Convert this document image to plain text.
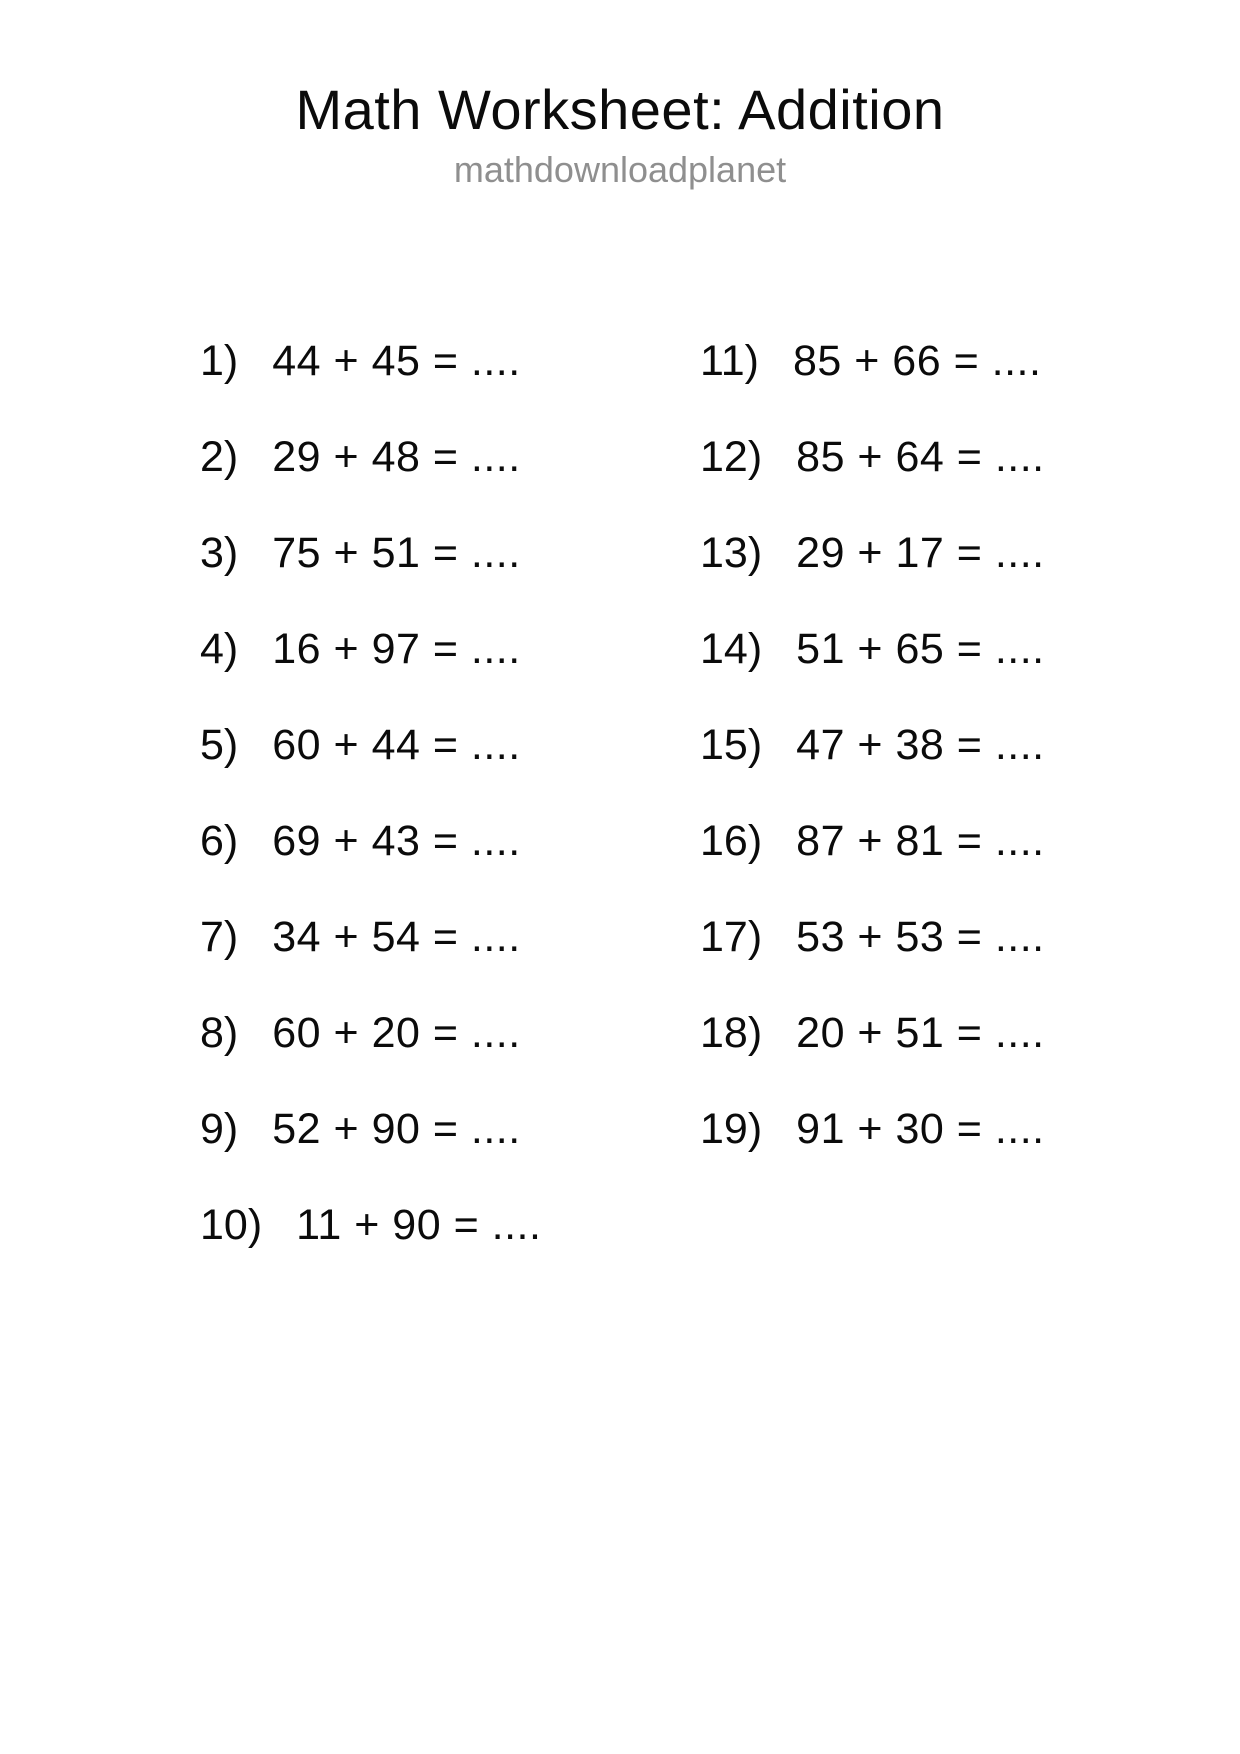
Math Worksheet: Addition
mathdownloadplanet
1) 44 + 45 = ....
2) 29 + 48 = ....
3) 75 + 51 = ....
4) 16 + 97 = ....
5) 60 + 44 = ....
6) 69 + 43 = ....
7) 34 + 54 = ....
8) 60 + 20 = ....
9) 52 + 90 = ....
10) 11 + 90 = ....
11) 85 + 66 = ....
12) 85 + 64 = ....
13) 29 + 17 = ....
14) 51 + 65 = ....
15) 47 + 38 = ....
16) 87 + 81 = ....
17) 53 + 53 = ....
18) 20 + 51 = ....
19) 91 + 30 = ....
